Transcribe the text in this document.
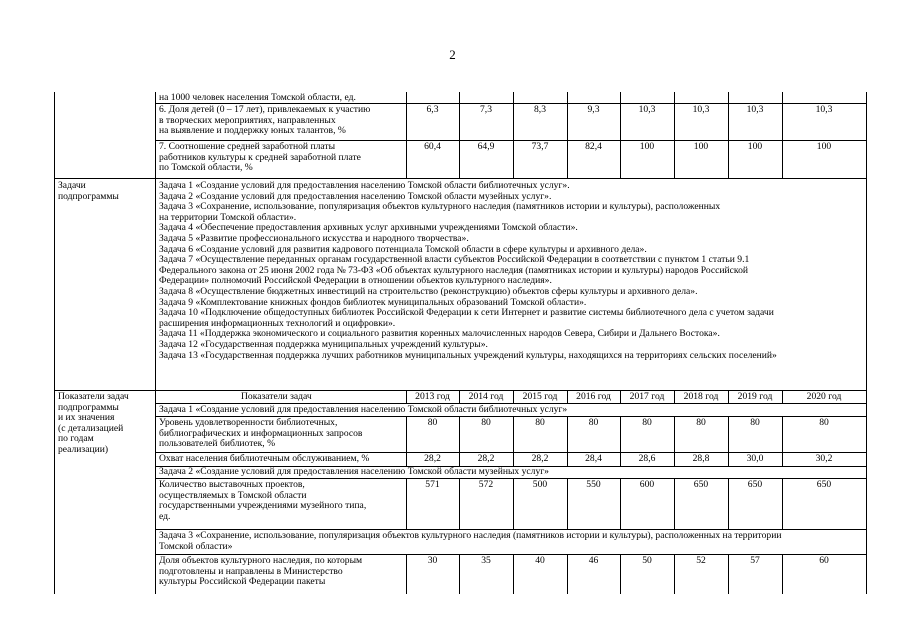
2
на 1000 человек населения Томской области, ед.
6. Доля детей (0 – 17 лет), привлекаемых к участию
в творческих мероприятиях, направленных
на выявление и поддержку юных талантов, %
6,3	7,3	8,3	9,3	10,3	10,3	10,3	10,3
7. Соотношение средней заработной платы
работников культуры к средней заработной плате
по Томской области, %
60,4	64,9	73,7	82,4	100	100	100	100
Задачи
подпрограммы
Задача 1 «Создание условий для предоставления населению Томской области библиотечных услуг».
Задача 2 «Создание условий для предоставления населению Томской области музейных услуг».
Задача 3 «Сохранение, использование, популяризация объектов культурного наследия (памятников истории и культуры), расположенных
на территории Томской области».
Задача 4 «Обеспечение предоставления архивных услуг архивными учреждениями Томской области».
Задача 5 «Развитие профессионального искусства и народного творчества».
Задача 6 «Создание условий для развития кадрового потенциала Томской области в сфере культуры и архивного дела».
Задача 7 «Осуществление переданных органам государственной власти субъектов Российской Федерации в соответствии с пунктом 1 статьи 9.1
Федерального закона от 25 июня 2002 года № 73-ФЗ «Об объектах культурного наследия (памятниках истории и культуры) народов Российской
Федерации» полномочий Российской Федерации в отношении объектов культурного наследия».
Задача 8 «Осуществление бюджетных инвестиций на строительство (реконструкцию) объектов сферы культуры и архивного дела».
Задача 9 «Комплектование книжных фондов библиотек муниципальных образований Томской области».
Задача 10 «Подключение общедоступных библиотек Российской Федерации к сети Интернет и развитие системы библиотечного дела с учетом задачи
расширения информационных технологий и оцифровки».
Задача 11 «Поддержка экономического и социального развития коренных малочисленных народов Севера, Сибири и Дальнего Востока».
Задача 12 «Государственная поддержка муниципальных учреждений культуры».
Задача 13 «Государственная поддержка лучших работников муниципальных учреждений культуры, находящихся на территориях сельских поселений»
Показатели задач
подпрограммы
и их значения
(с детализацией
по годам
реализации)
Показатели задач	2013 год	2014 год	2015 год	2016 год	2017 год	2018 год	2019 год	2020 год
Задача 1 «Создание условий для предоставления населению Томской области библиотечных услуг»
Уровень удовлетворенности библиотечных,
библиографических и информационных запросов
пользователей библиотек, %
80	80	80	80	80	80	80	80
Охват населения библиотечным обслуживанием, %	28,2	28,2	28,2	28,4	28,6	28,8	30,0	30,2
Задача 2 «Создание условий для предоставления населению Томской области музейных услуг»
Количество выставочных проектов,
осуществляемых в Томской области
государственными учреждениями музейного типа,
ед.
571	572	500	550	600	650	650	650
Задача 3 «Сохранение, использование, популяризация объектов культурного наследия (памятников истории и культуры), расположенных на территории
Томской области»
Доля объектов культурного наследия, по которым
подготовлены и направлены в Министерство
культуры Российской Федерации пакеты
30	35	40	46	50	52	57	60
